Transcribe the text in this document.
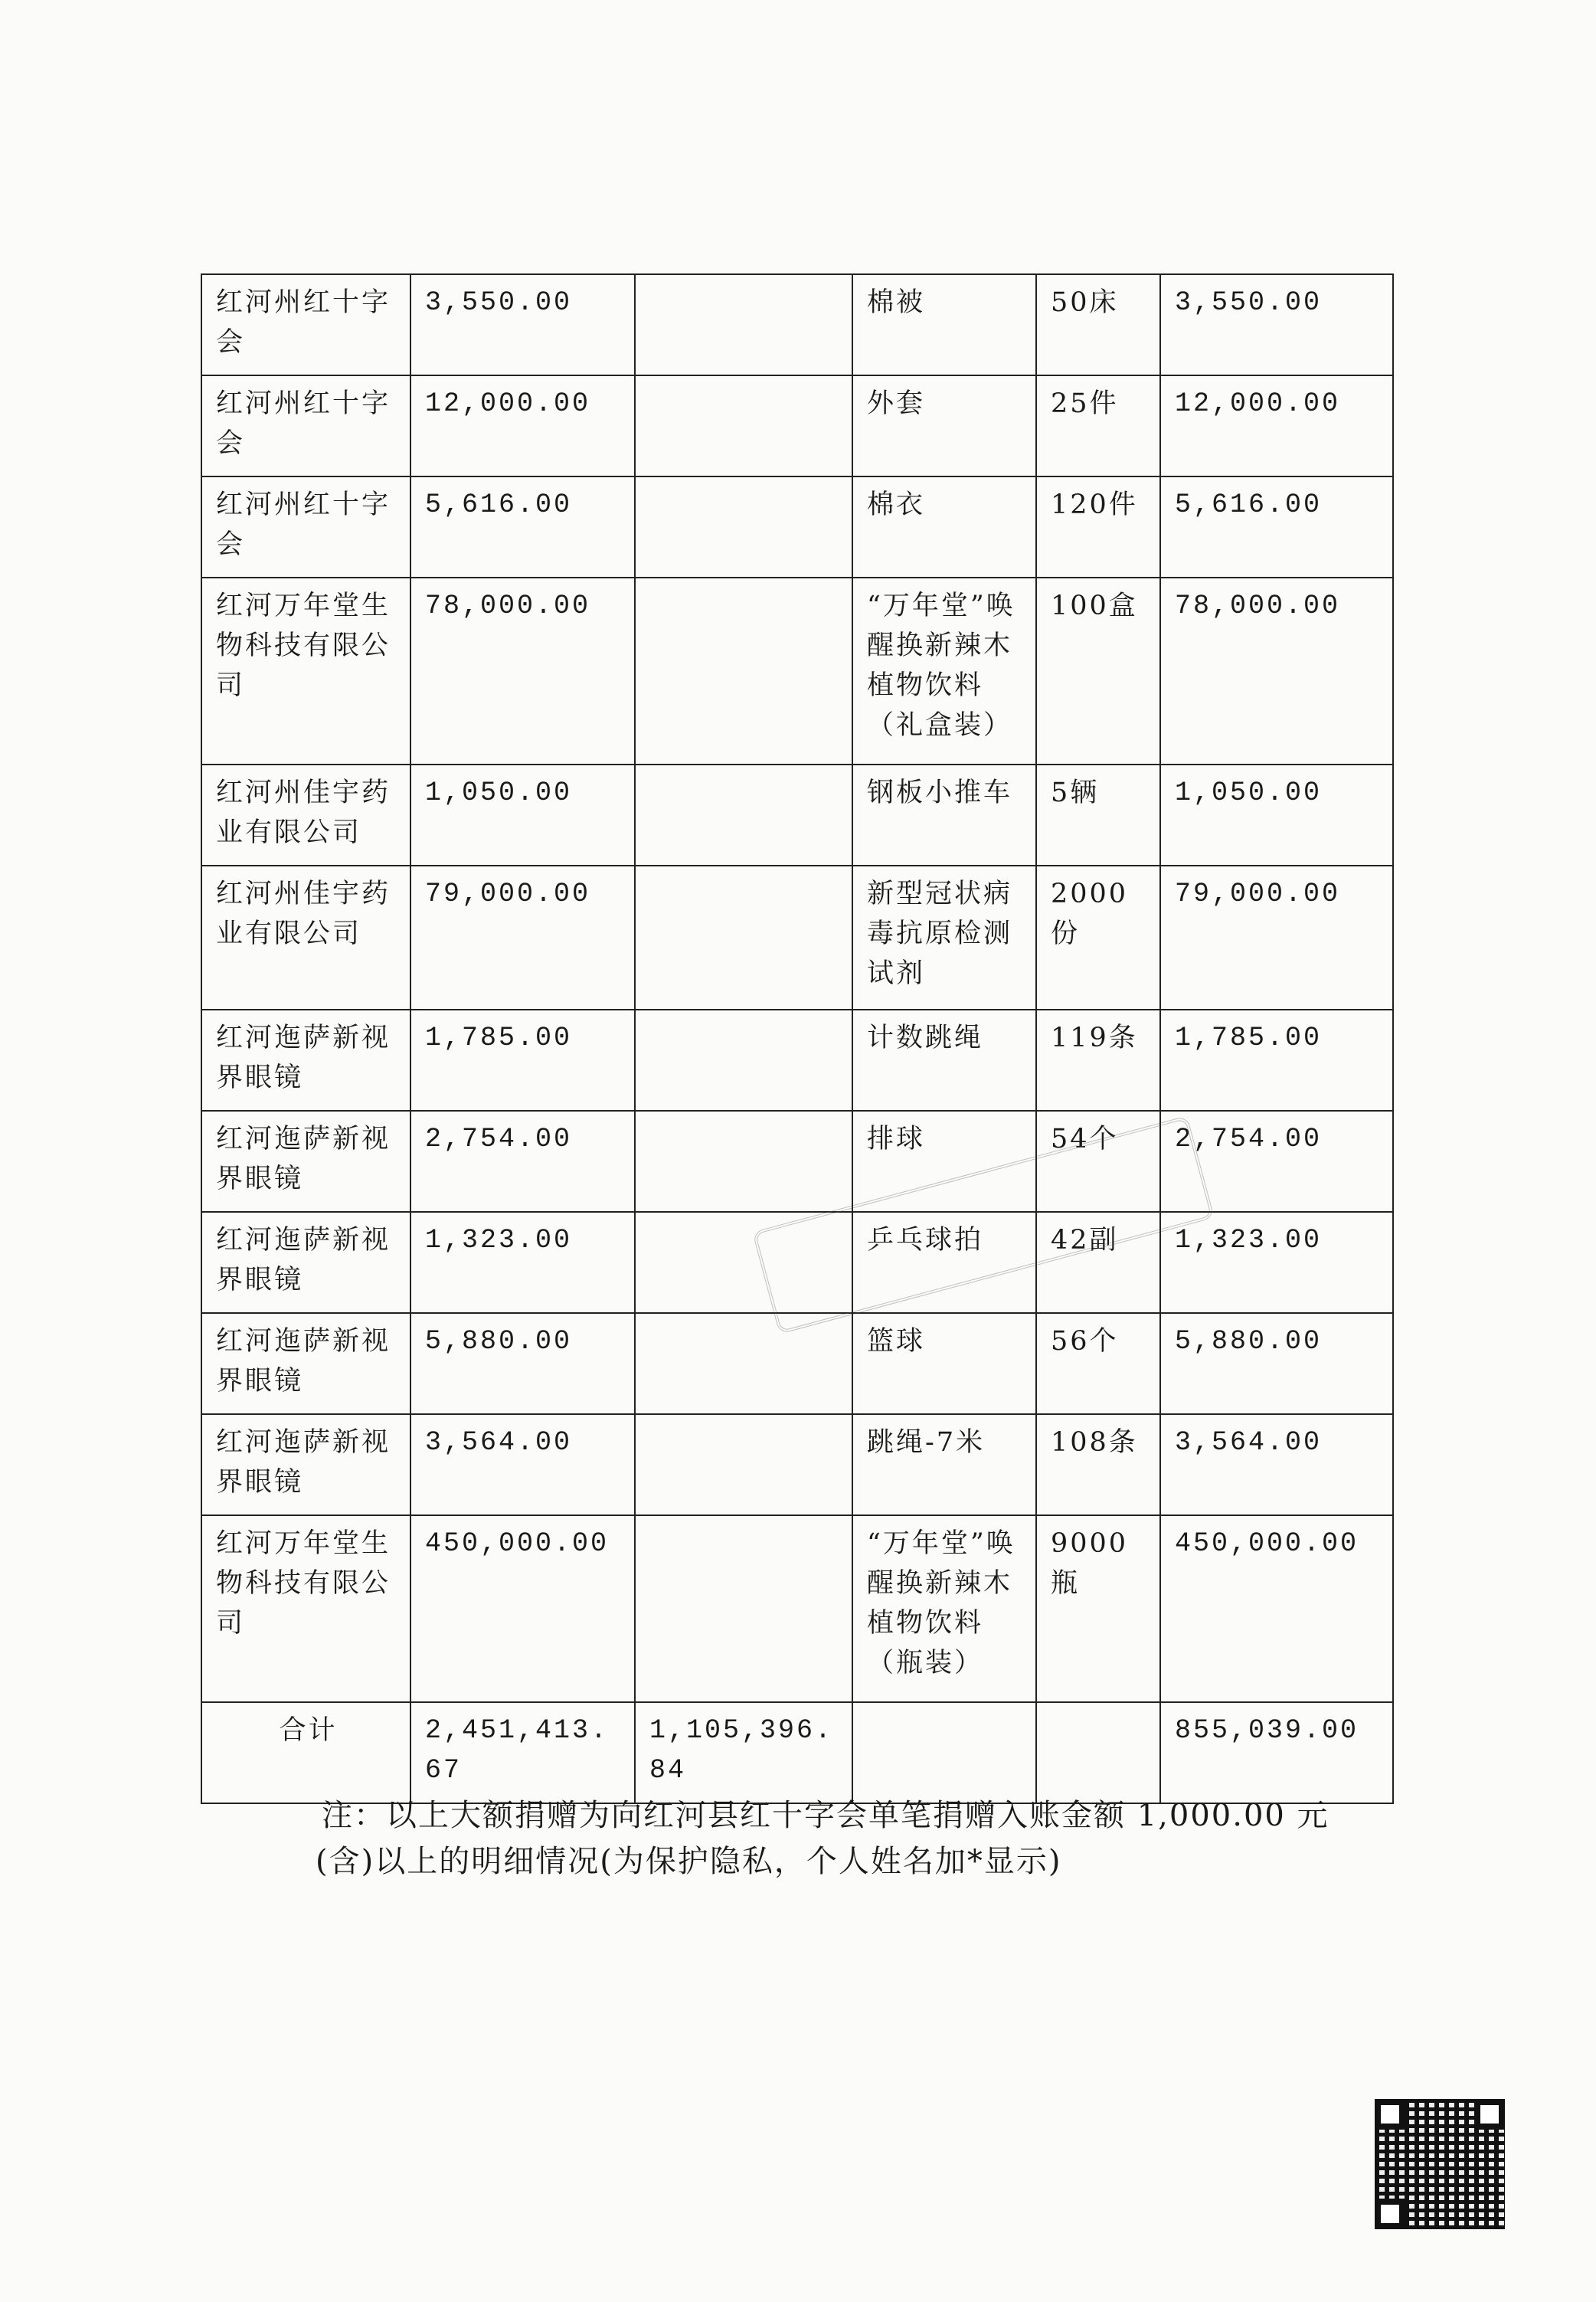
红河州红十字会	3,550.00		棉被	50床	3,550.00
红河州红十字会	12,000.00		外套	25件	12,000.00
红河州红十字会	5,616.00		棉衣	120件	5,616.00
红河万年堂生物科技有限公司	78,000.00		“万年堂”唤醒换新辣木植物饮料（礼盒装）	100盒	78,000.00
红河州佳宇药业有限公司	1,050.00		钢板小推车	5辆	1,050.00
红河州佳宇药业有限公司	79,000.00		新型冠状病毒抗原检测试剂	2000份	79,000.00
红河迤萨新视界眼镜	1,785.00		计数跳绳	119条	1,785.00
红河迤萨新视界眼镜	2,754.00		排球	54个	2,754.00
红河迤萨新视界眼镜	1,323.00		乒乓球拍	42副	1,323.00
红河迤萨新视界眼镜	5,880.00		篮球	56个	5,880.00
红河迤萨新视界眼镜	3,564.00		跳绳-7米	108条	3,564.00
红河万年堂生物科技有限公司	450,000.00		“万年堂”唤醒换新辣木植物饮料（瓶装）	9000瓶	450,000.00
合计	2,451,413.67	1,105,396.84			855,039.00
注：以上大额捐赠为向红河县红十字会单笔捐赠入账金额 1,000.00 元
(含)以上的明细情况(为保护隐私，个人姓名加*显示)
